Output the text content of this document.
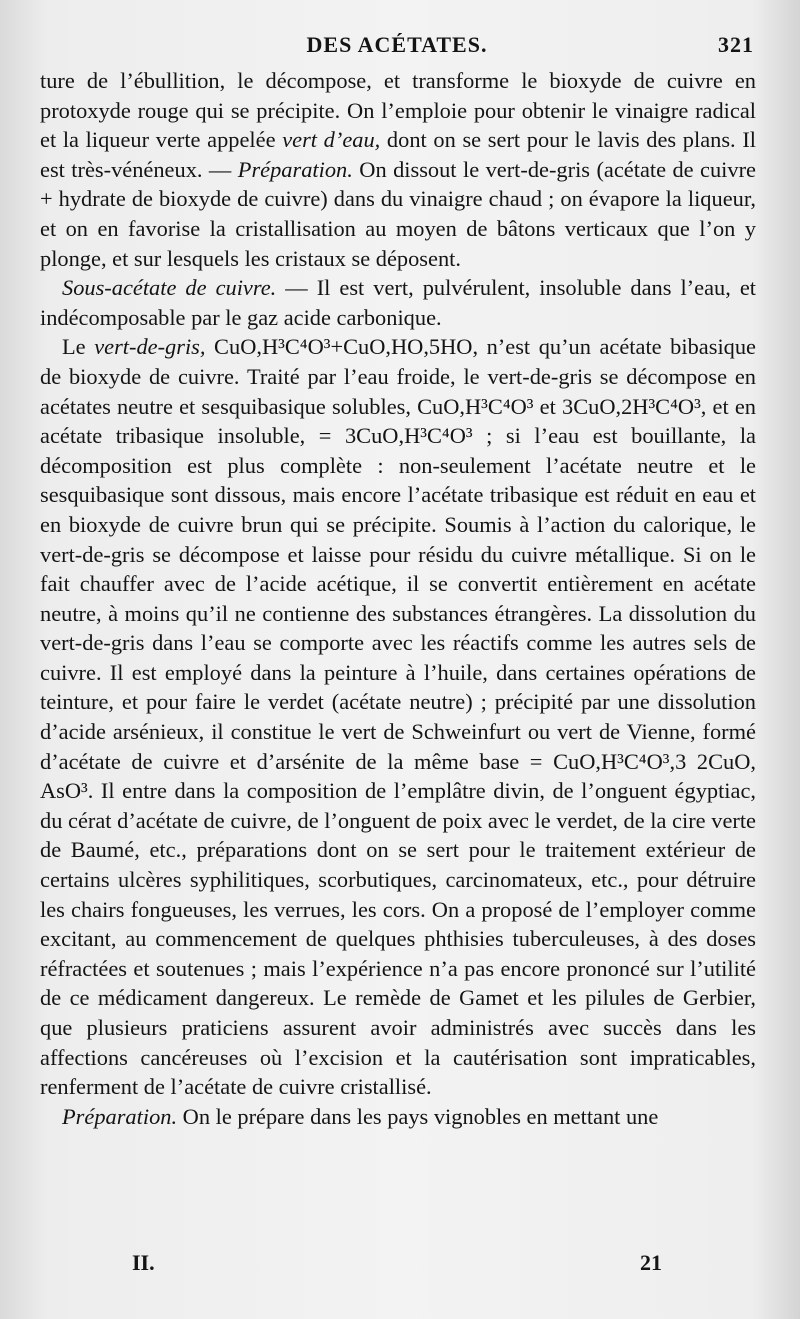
DES ACÉTATES.	321

ture de l’ébullition, le décompose, et transforme le bioxyde de cuivre en protoxyde rouge qui se précipite. On l’emploie pour obtenir le vinaigre radical et la liqueur verte appelée vert d’eau, dont on se sert pour le lavis des plans. Il est très-vénéneux. — Préparation. On dissout le vert-de-gris (acétate de cuivre + hydrate de bioxyde de cuivre) dans du vinaigre chaud ; on évapore la liqueur, et on en favorise la cristallisation au moyen de bâtons verticaux que l’on y plonge, et sur lesquels les cristaux se déposent.

Sous-acétate de cuivre. — Il est vert, pulvérulent, insoluble dans l’eau, et indécomposable par le gaz acide carbonique.

Le vert-de-gris, CuO,H³C⁴O³+CuO,HO,5HO, n’est qu’un acétate bibasique de bioxyde de cuivre. Traité par l’eau froide, le vert-de-gris se décompose en acétates neutre et sesquibasique solubles, CuO,H³C⁴O³ et 3CuO,2H³C⁴O³, et en acétate tribasique insoluble, = 3CuO,H³C⁴O³ ; si l’eau est bouillante, la décomposition est plus complète : non-seulement l’acétate neutre et le sesquibasique sont dissous, mais encore l’acétate tribasique est réduit en eau et en bioxyde de cuivre brun qui se précipite. Soumis à l’action du calorique, le vert-de-gris se décompose et laisse pour résidu du cuivre métallique. Si on le fait chauffer avec de l’acide acétique, il se convertit entièrement en acétate neutre, à moins qu’il ne contienne des substances étrangères. La dissolution du vert-de-gris dans l’eau se comporte avec les réactifs comme les autres sels de cuivre. Il est employé dans la peinture à l’huile, dans certaines opérations de teinture, et pour faire le verdet (acétate neutre) ; précipité par une dissolution d’acide arsénieux, il constitue le vert de Schweinfurt ou vert de Vienne, formé d’acétate de cuivre et d’arsénite de la même base = CuO,H³C⁴O³,3 2CuO, AsO³. Il entre dans la composition de l’emplâtre divin, de l’onguent égyptiac, du cérat d’acétate de cuivre, de l’onguent de poix avec le verdet, de la cire verte de Baumé, etc., préparations dont on se sert pour le traitement extérieur de certains ulcères syphilitiques, scorbutiques, carcinomateux, etc., pour détruire les chairs fongueuses, les verrues, les cors. On a proposé de l’employer comme excitant, au commencement de quelques phthisies tuberculeuses, à des doses réfractées et soutenues ; mais l’expérience n’a pas encore prononcé sur l’utilité de ce médicament dangereux. Le remède de Gamet et les pilules de Gerbier, que plusieurs praticiens assurent avoir administrés avec succès dans les affections cancéreuses où l’excision et la cautérisation sont impraticables, renferment de l’acétate de cuivre cristallisé.

Préparation. On le prépare dans les pays vignobles en mettant une

II.	21
